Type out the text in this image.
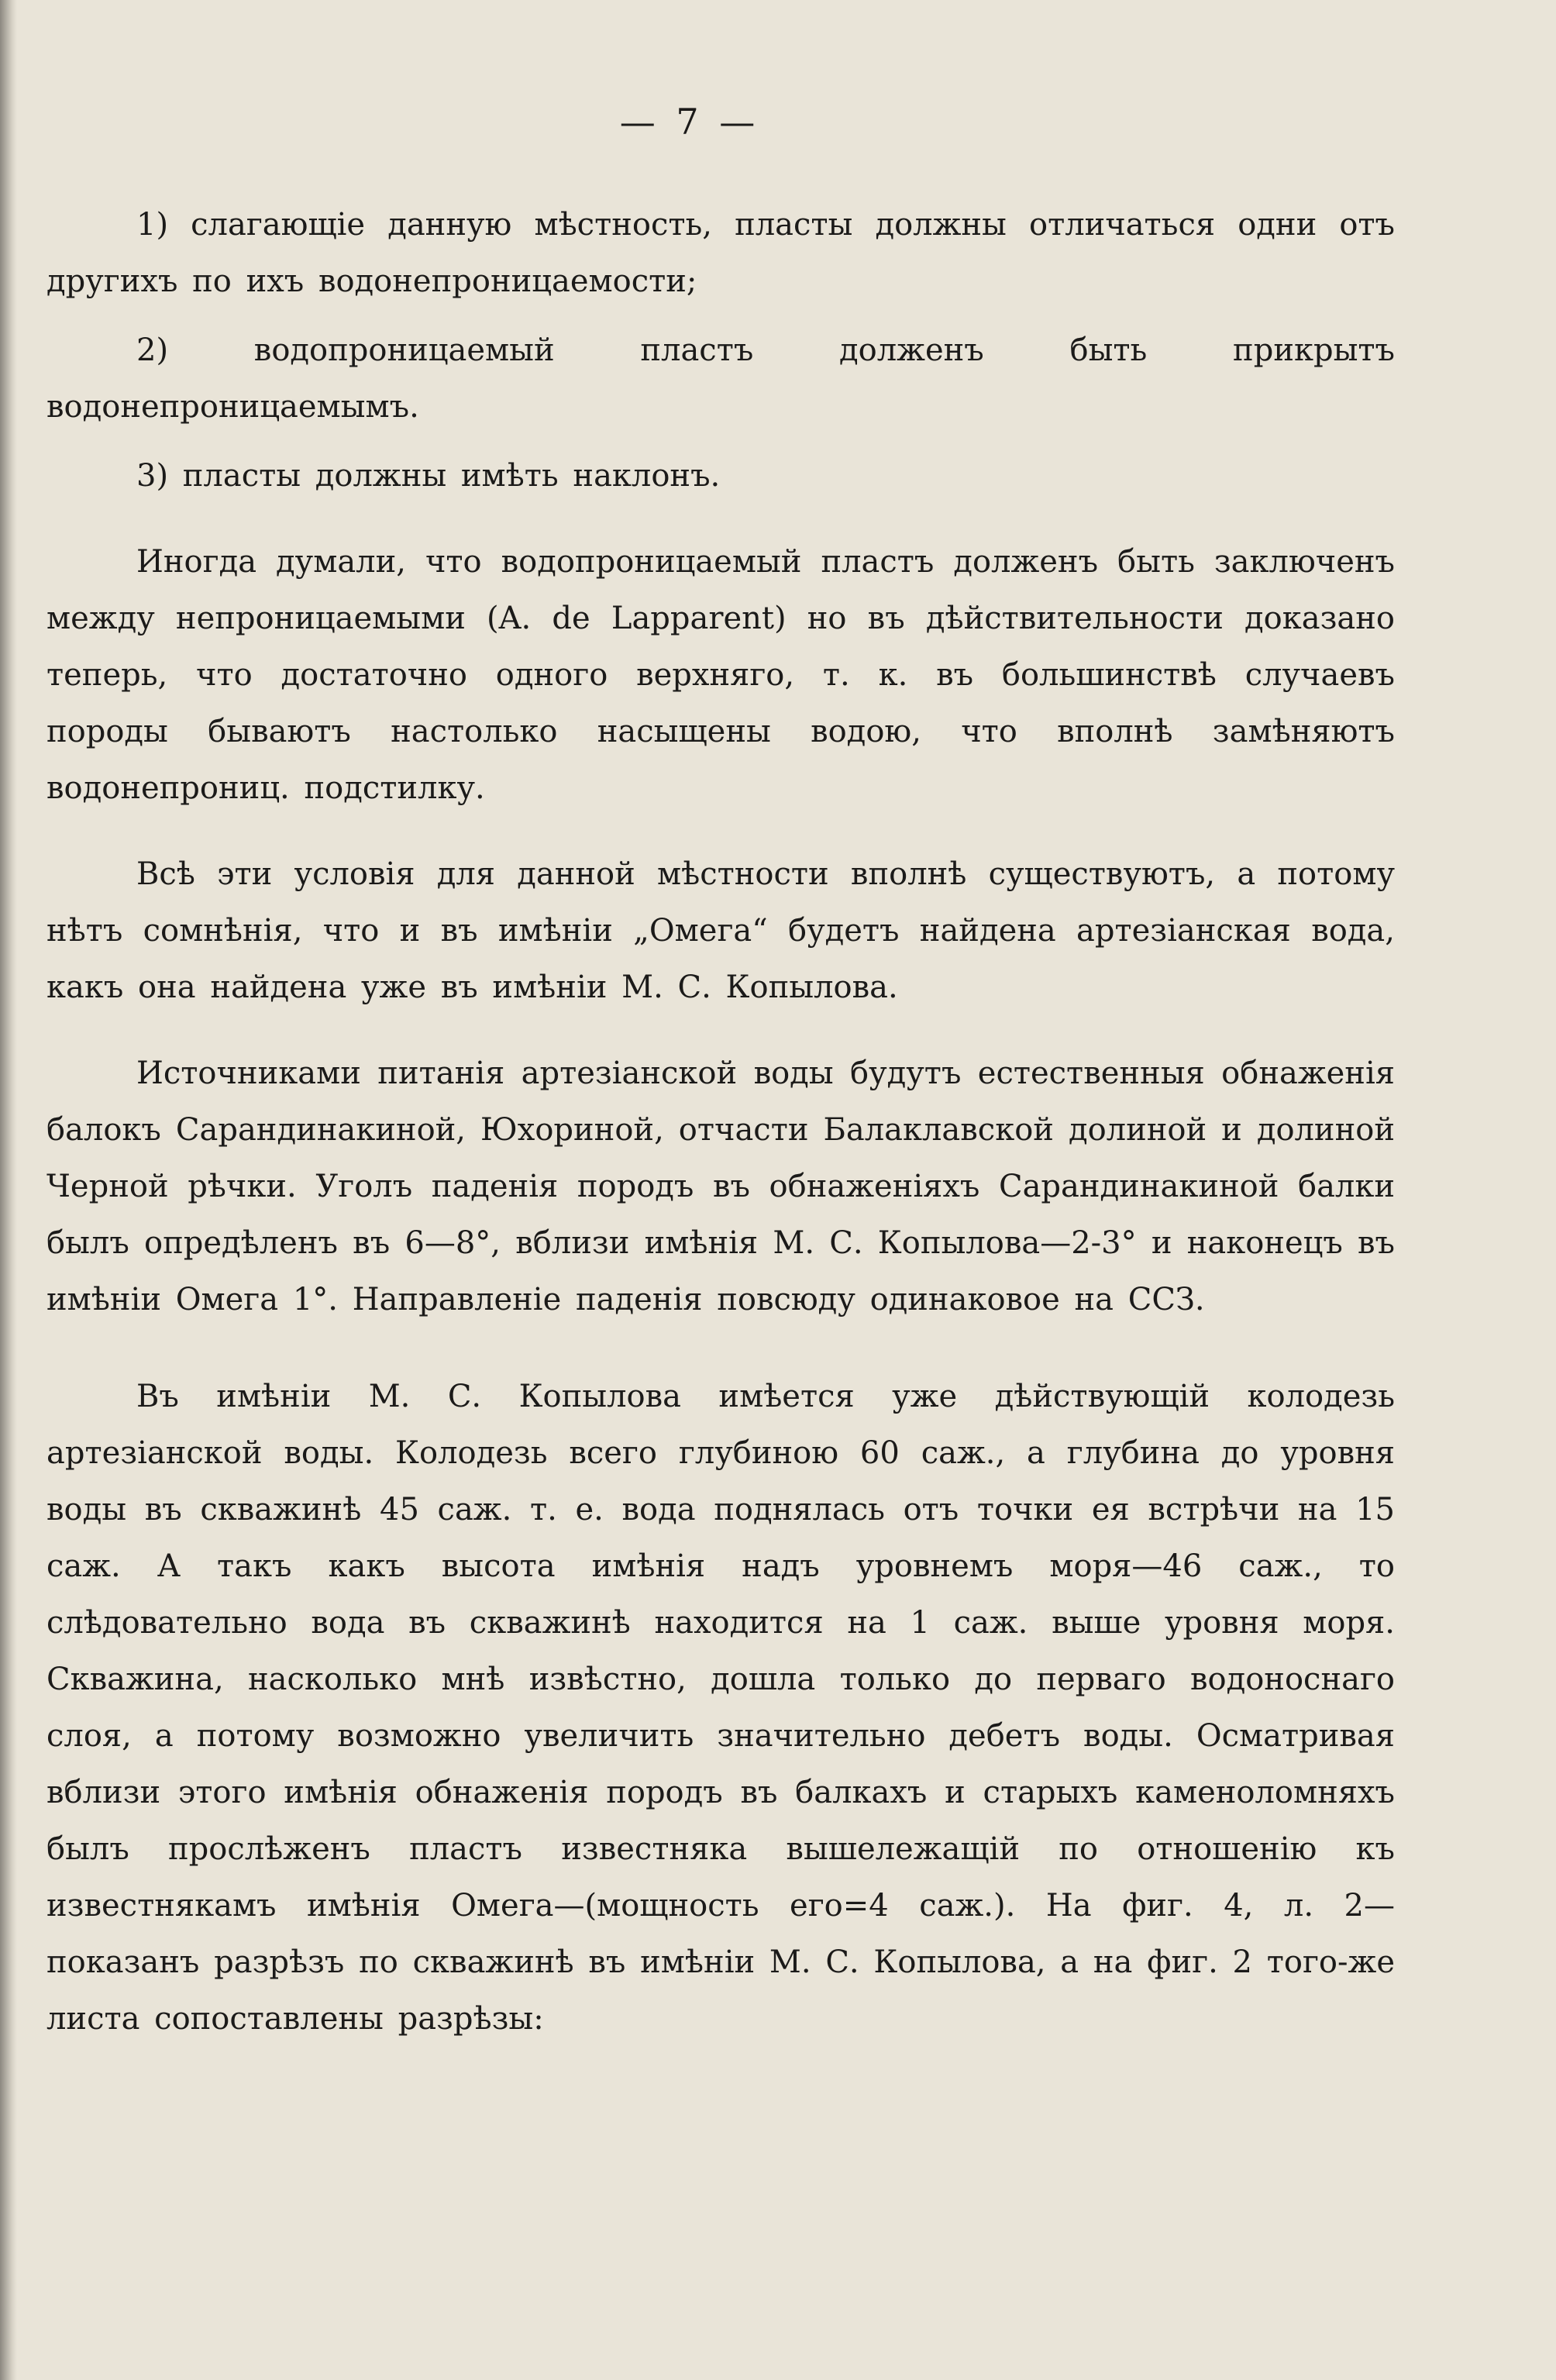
— 7 —

1) слагающіе данную мѣстность, пласты должны отличаться одни отъ другихъ по ихъ водонепроницаемости;

2) водопроницаемый пластъ долженъ быть прикрытъ водонепроницаемымъ.

3) пласты должны имѣть наклонъ.

Иногда думали, что водопроницаемый пластъ долженъ быть заключенъ между непроницаемыми (A. de Lapparent) но въ дѣйствительности доказано теперь, что достаточно одного верхняго, т. к. въ большинствѣ случаевъ породы бываютъ настолько насыщены водою, что вполнѣ замѣняютъ водонепрониц. подстилку.

Всѣ эти условія для данной мѣстности вполнѣ существуютъ, а потому нѣтъ сомнѣнія, что и въ имѣніи „Омега“ будетъ найдена артезіанская вода, какъ она найдена уже въ имѣніи М. С. Копылова.

Источниками питанія артезіанской воды будутъ естественныя обнаженія балокъ Сарандинакиной, Юхориной, отчасти Балаклавской долиной и долиной Черной рѣчки. Уголъ паденія породъ въ обнаженіяхъ Сарандинакиной балки былъ опредѣленъ въ 6—8°, вблизи имѣнія М. С. Копылова—2-3° и наконецъ въ имѣніи Омега 1°. Направленіе паденія повсюду одинаковое на ССЗ.

Въ имѣніи М. С. Копылова имѣется уже дѣйствующій колодезь артезіанской воды. Колодезь всего глубиною 60 саж., а глубина до уровня воды въ скважинѣ 45 саж. т. е. вода поднялась отъ точки ея встрѣчи на 15 саж. А такъ какъ высота имѣнія надъ уровнемъ моря—46 саж., то слѣдовательно вода въ скважинѣ находится на 1 саж. выше уровня моря. Скважина, насколько мнѣ извѣстно, дошла только до перваго водоноснаго слоя, а потому возможно увеличить значительно дебетъ воды. Осматривая вблизи этого имѣнія обнаженія породъ въ балкахъ и старыхъ каменоломняхъ былъ прослѣженъ пластъ известняка вышележащій по отношенію къ известнякамъ имѣнія Омега—(мощность его=4 саж.). На фиг. 4, л. 2—показанъ разрѣзъ по скважинѣ въ имѣніи М. С. Копылова, а на фиг. 2 того-же листа сопоставлены разрѣзы:
